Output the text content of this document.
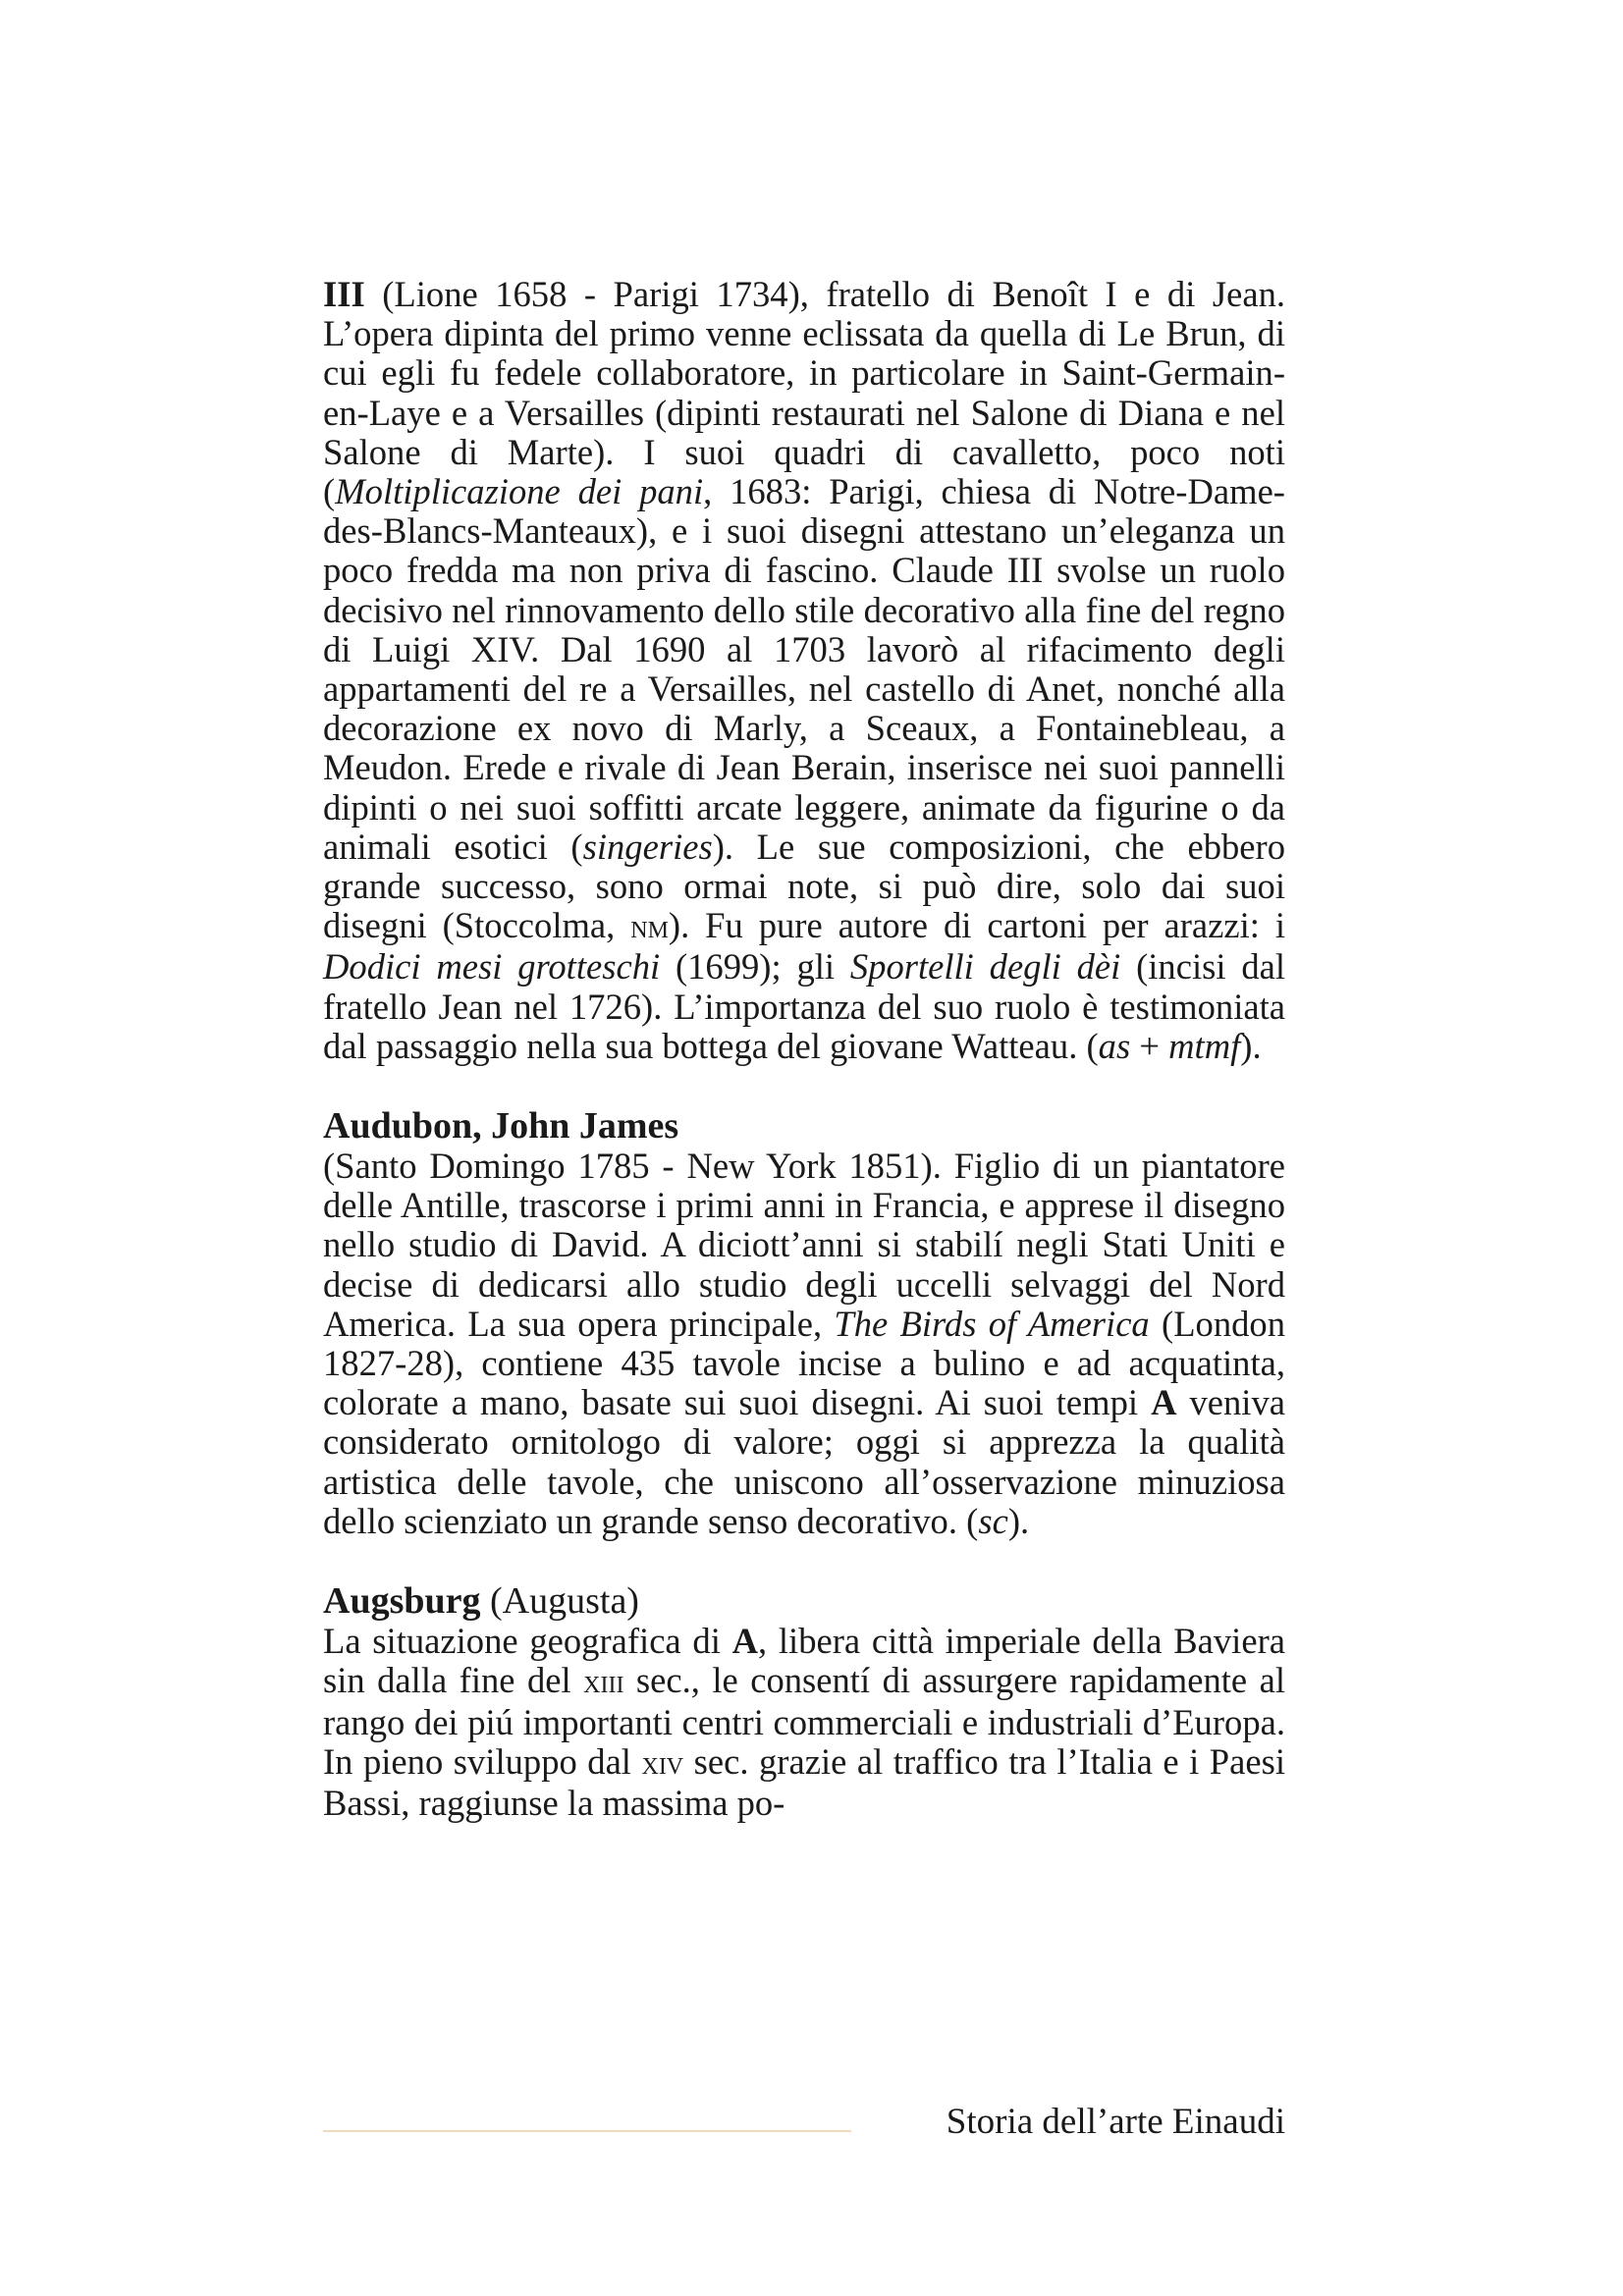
III (Lione 1658 - Parigi 1734), fratello di Benoît I e di Jean. L’opera dipinta del primo venne eclissata da quella di Le Brun, di cui egli fu fedele collaboratore, in particolare in Saint-Germain-en-Laye e a Versailles (dipinti restaurati nel Salone di Diana e nel Salone di Marte). I suoi quadri di cavalletto, poco noti (Moltiplicazione dei pani, 1683: Parigi, chiesa di Notre-Dame-des-Blancs-Manteaux), e i suoi disegni attestano un’eleganza un poco fredda ma non priva di fascino. Claude III svolse un ruolo decisivo nel rinnovamento dello stile decorativo alla fine del regno di Luigi XIV. Dal 1690 al 1703 lavorò al rifacimento degli appartamenti del re a Versailles, nel castello di Anet, nonché alla decorazione ex novo di Marly, a Sceaux, a Fontainebleau, a Meudon. Erede e rivale di Jean Berain, inserisce nei suoi pannelli dipinti o nei suoi soffitti arcate leggere, animate da figurine o da animali esotici (singeries). Le sue composizioni, che ebbero grande successo, sono ormai note, si può dire, solo dai suoi disegni (Stoccolma, nm). Fu pure autore di cartoni per arazzi: i Dodici mesi grotteschi (1699); gli Sportelli degli dèi (incisi dal fratello Jean nel 1726). L’importanza del suo ruolo è testimoniata dal passaggio nella sua bottega del giovane Watteau. (as + mtmf).

Audubon, John James

(Santo Domingo 1785 - New York 1851). Figlio di un piantatore delle Antille, trascorse i primi anni in Francia, e apprese il disegno nello studio di David. A diciott’anni si stabilí negli Stati Uniti e decise di dedicarsi allo studio degli uccelli selvaggi del Nord America. La sua opera principale, The Birds of America (London 1827-28), contiene 435 tavole incise a bulino e ad acquatinta, colorate a mano, basate sui suoi disegni. Ai suoi tempi A veniva considerato ornitologo di valore; oggi si apprezza la qualità artistica delle tavole, che uniscono all’osservazione minuziosa dello scienziato un grande senso decorativo. (sc).

Augsburg (Augusta)

La situazione geografica di A, libera città imperiale della Baviera sin dalla fine del xiii sec., le consentí di assurgere rapidamente al rango dei piú importanti centri commerciali e industriali d’Europa. In pieno sviluppo dal xiv sec. grazie al traffico tra l’Italia e i Paesi Bassi, raggiunse la massima po-

Storia dell’arte Einaudi
